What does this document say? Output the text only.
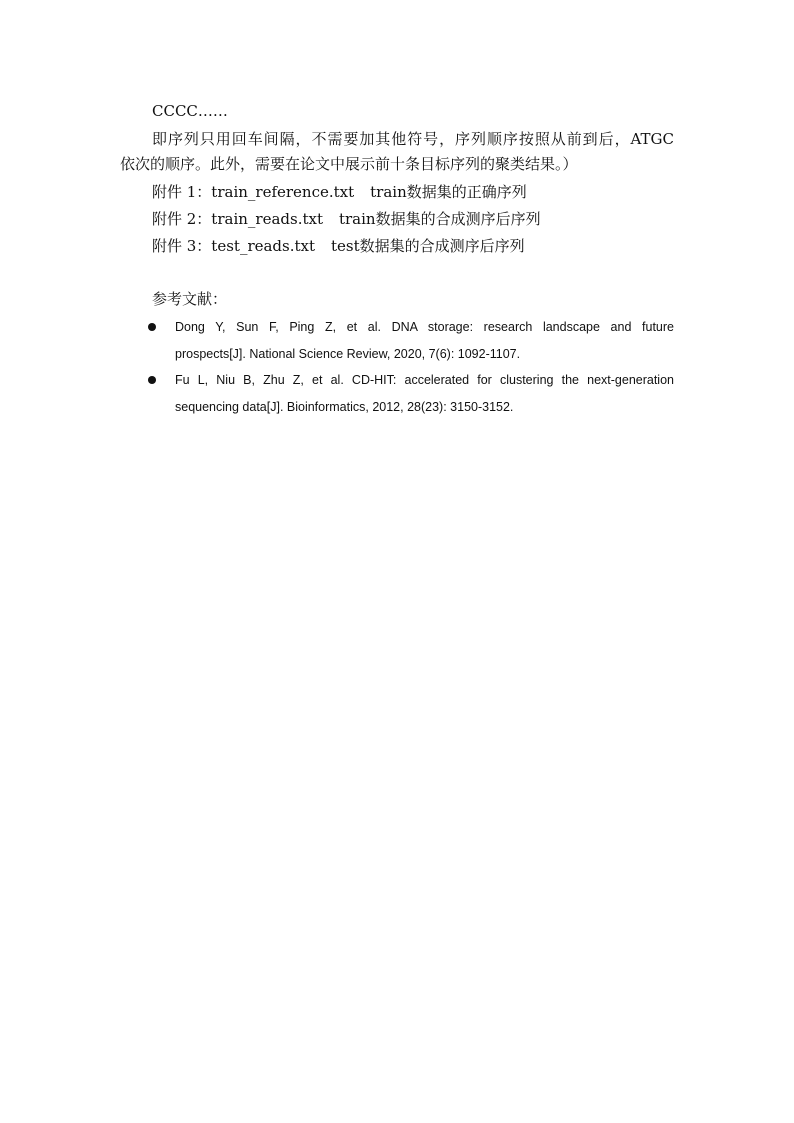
CCCC……
即序列只用回车间隔，不需要加其他符号，序列顺序按照从前到后，ATGC
依次的顺序。此外，需要在论文中展示前十条目标序列的聚类结果。）
附件 1：train_reference.txt train数据集的正确序列
附件 2：train_reads.txt train数据集的合成测序后序列
附件 3：test_reads.txt test数据集的合成测序后序列
参考文献：
Dong Y, Sun F, Ping Z, et al. DNA storage: research landscape and future
prospects[J]. National Science Review, 2020, 7(6): 1092-1107.
Fu L, Niu B, Zhu Z, et al. CD-HIT: accelerated for clustering the next-generation
sequencing data[J]. Bioinformatics, 2012, 28(23): 3150-3152.
